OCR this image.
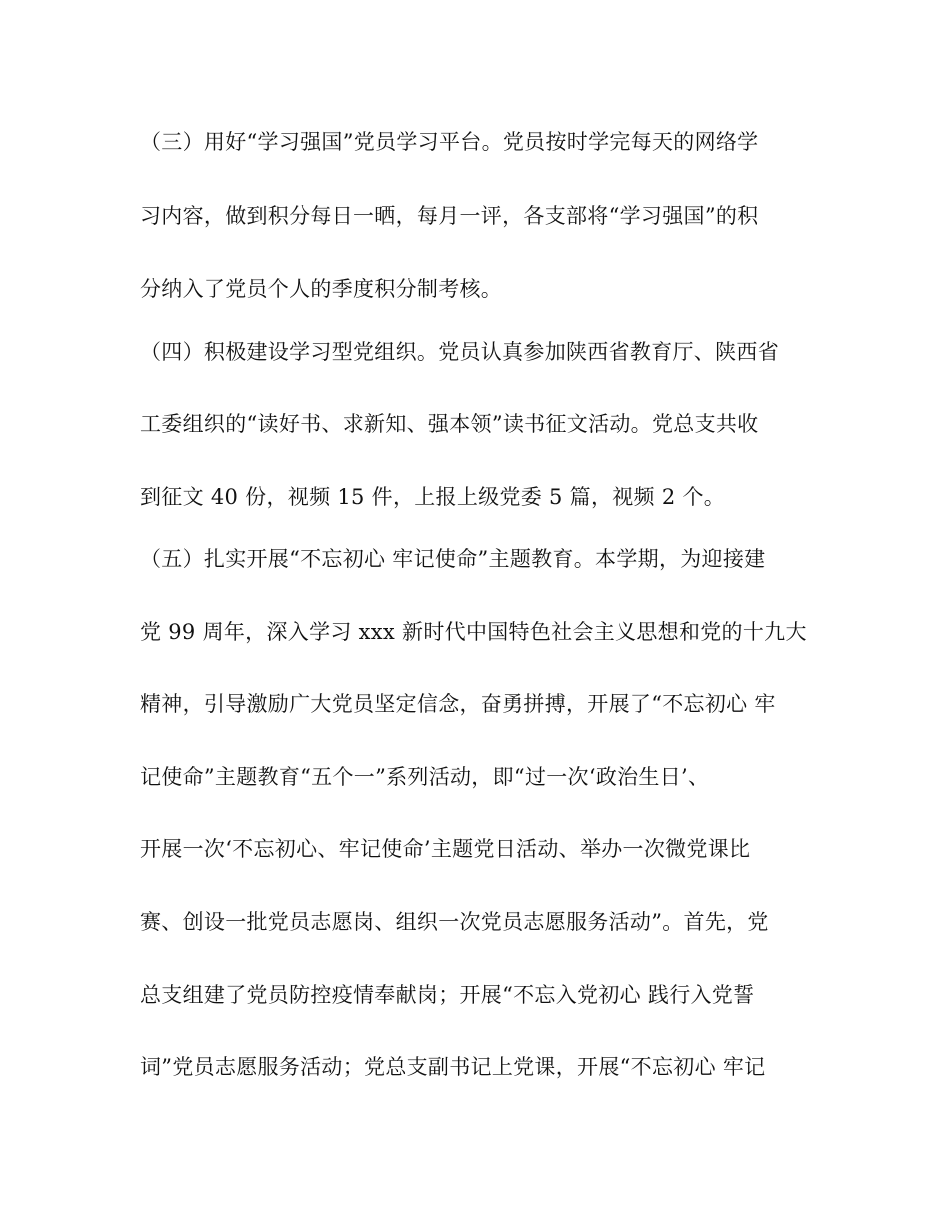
（三）用好“学习强国”党员学习平台。党员按时学完每天的网络学
习内容，做到积分每日一晒，每月一评，各支部将“学习强国”的积
分纳入了党员个人的季度积分制考核。
（四）积极建设学习型党组织。党员认真参加陕西省教育厅、陕西省
工委组织的“读好书、求新知、强本领”读书征文活动。党总支共收
到征文 40 份，视频 15 件，上报上级党委 5 篇，视频 2 个。
（五）扎实开展“不忘初心 牢记使命”主题教育。本学期，为迎接建
党 99 周年，深入学习 xxx 新时代中国特色社会主义思想和党的十九大
精神，引导激励广大党员坚定信念，奋勇拼搏，开展了“不忘初心 牢
记使命”主题教育“五个一”系列活动，即“过一次‘政治生日’、
开展一次‘不忘初心、牢记使命’主题党日活动、举办一次微党课比
赛、创设一批党员志愿岗、组织一次党员志愿服务活动”。首先，党
总支组建了党员防控疫情奉献岗；开展“不忘入党初心 践行入党誓
词”党员志愿服务活动；党总支副书记上党课，开展“不忘初心 牢记
